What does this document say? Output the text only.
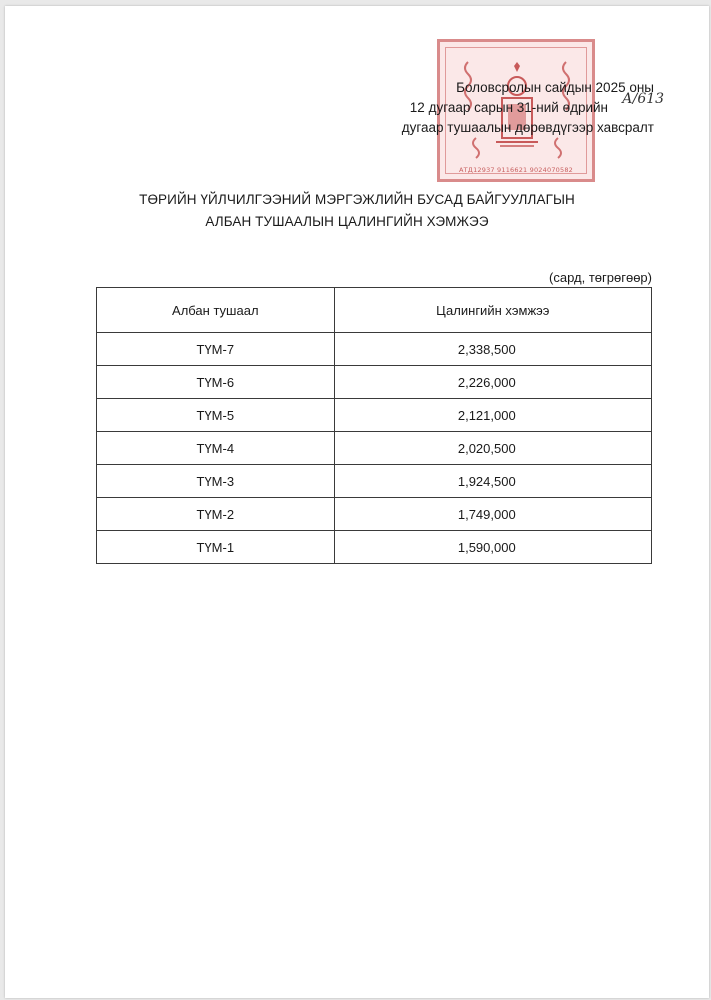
АТД12937 9116621 9024070582
Боловсролын сайдын 2025 оны
12 дугаар сарын 31-ний өдрийн
дугаар тушаалын дөрөвдүгээр хавсралт
А/613
ТӨРИЙН ҮЙЛЧИЛГЭЭНИЙ МЭРГЭЖЛИЙН БУСАД БАЙГУУЛЛАГЫН
АЛБАН ТУШААЛЫН ЦАЛИНГИЙН ХЭМЖЭЭ
(сард, төгрөгөөр)
Албан тушаал	Цалингийн хэмжээ
ТҮМ-7	2,338,500
ТҮМ-6	2,226,000
ТҮМ-5	2,121,000
ТҮМ-4	2,020,500
ТҮМ-3	1,924,500
ТҮМ-2	1,749,000
ТҮМ-1	1,590,000
